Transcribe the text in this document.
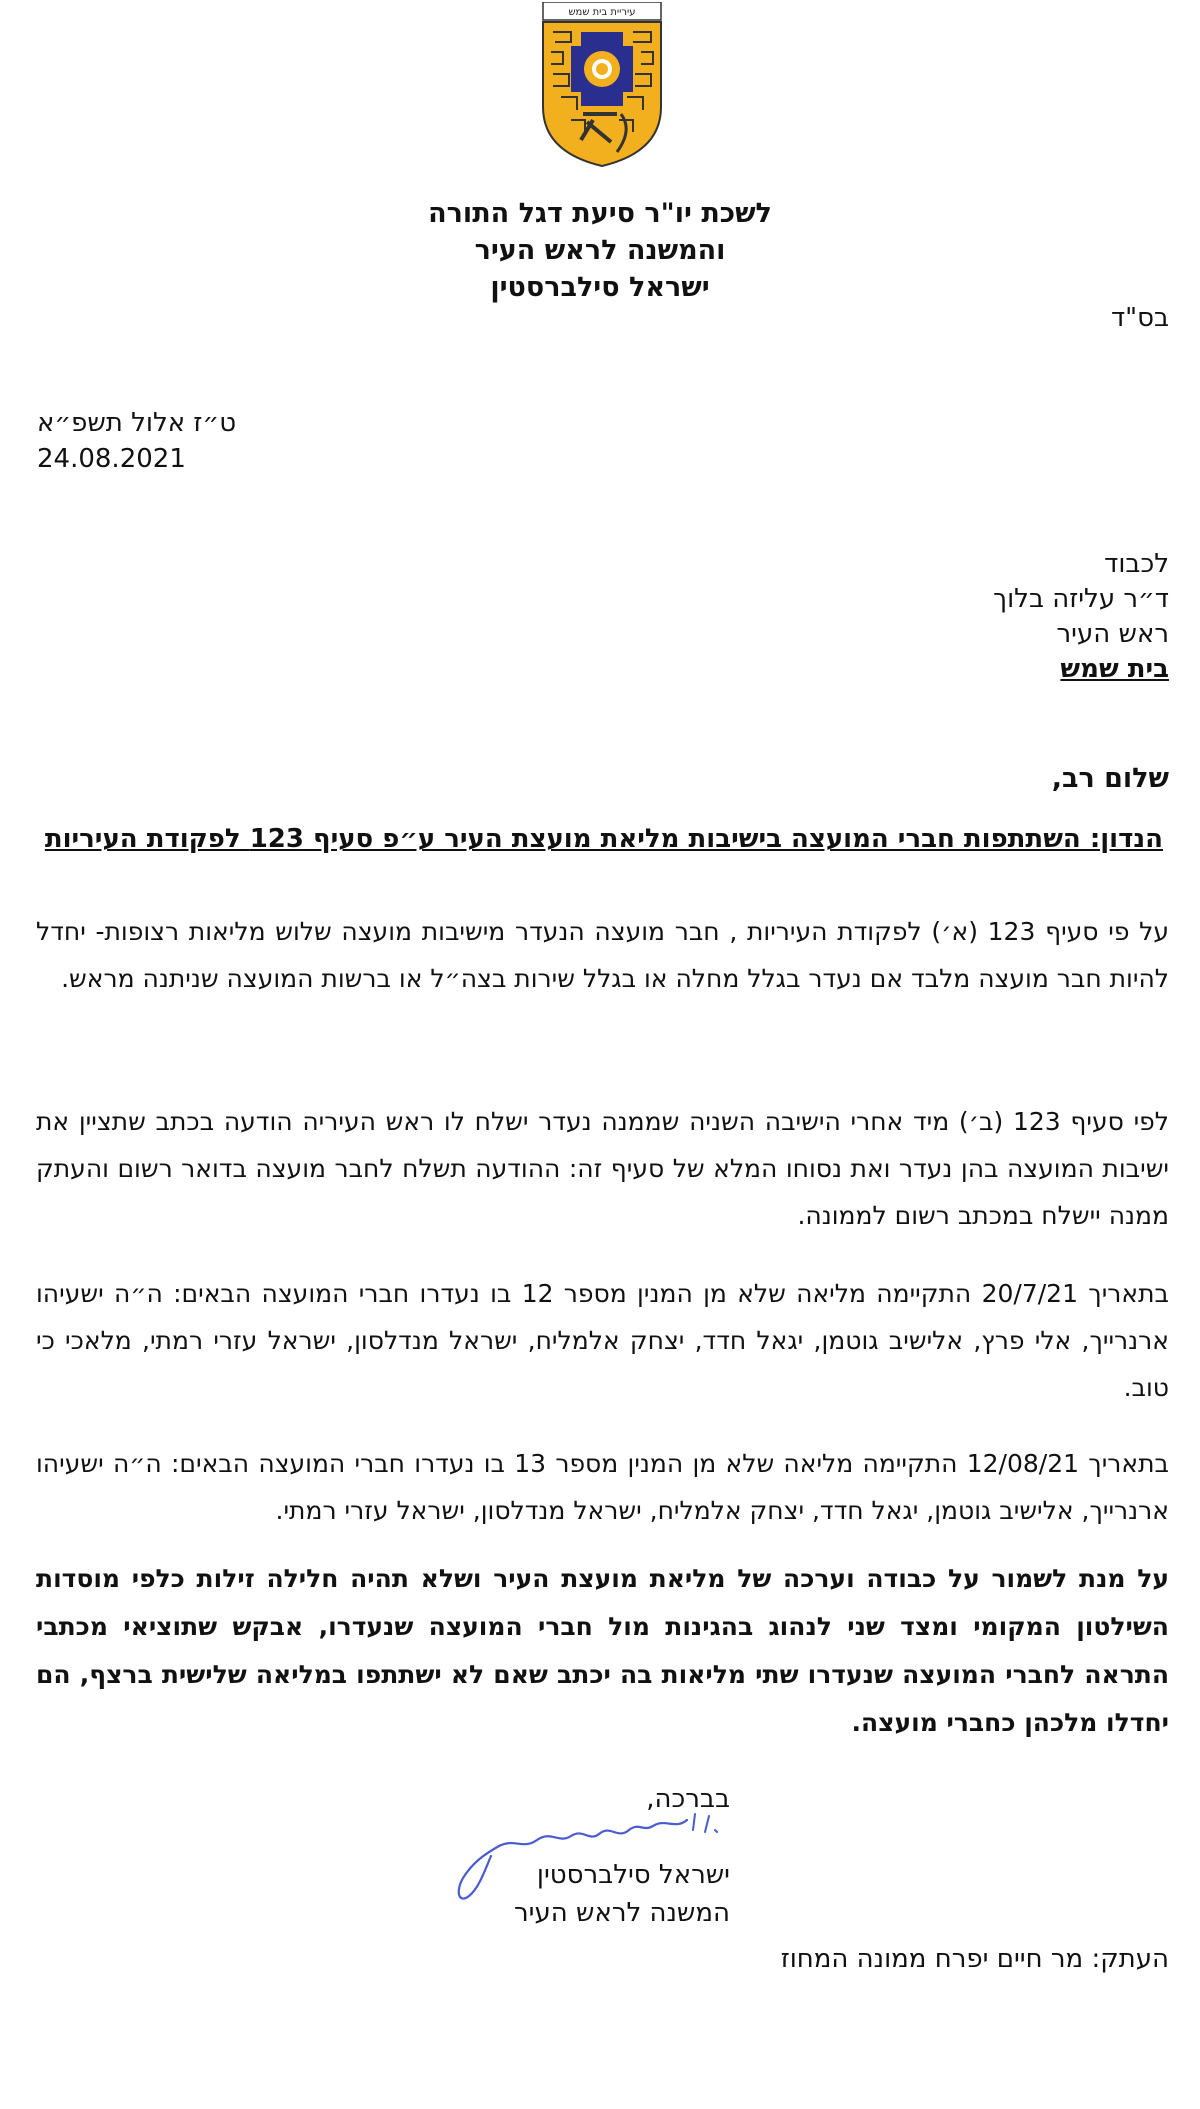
עיריית בית שמש
לשכת יו"ר סיעת דגל התורה
והמשנה לראש העיר
ישראל סילברסטין
בס"ד
ט״ז אלול תשפ״א
24.08.2021
לכבוד
ד״ר עליזה בלוך
ראש העיר
בית שמש
שלום רב,
הנדון: השתתפות חברי המועצה בישיבות מליאת מועצת העיר ע״פ סעיף 123 לפקודת העיריות
על פי סעיף 123 (א׳) לפקודת העיריות , חבר מועצה הנעדר מישיבות מועצה שלוש מליאות רצופות- יחדל להיות חבר מועצה מלבד אם נעדר בגלל מחלה או בגלל שירות בצה״ל או ברשות המועצה שניתנה מראש.
לפי סעיף 123 (ב׳) מיד אחרי הישיבה השניה שממנה נעדר ישלח לו ראש העיריה הודעה בכתב שתציין את ישיבות המועצה בהן נעדר ואת נסוחו המלא של סעיף זה: ההודעה תשלח לחבר מועצה בדואר רשום והעתק ממנה יישלח במכתב רשום לממונה.
בתאריך 20/7/21 התקיימה מליאה שלא מן המנין מספר 12 בו נעדרו חברי המועצה הבאים: ה״ה ישעיהו ארנרייך, אלי פרץ, אלישיב גוטמן, יגאל חדד, יצחק אלמליח, ישראל מנדלסון, ישראל עזרי רמתי, מלאכי כי טוב.
בתאריך 12/08/21 התקיימה מליאה שלא מן המנין מספר 13 בו נעדרו חברי המועצה הבאים: ה״ה ישעיהו ארנרייך, אלישיב גוטמן, יגאל חדד, יצחק אלמליח, ישראל מנדלסון, ישראל עזרי רמתי.
על מנת לשמור על כבודה וערכה של מליאת מועצת העיר ושלא תהיה חלילה זילות כלפי מוסדות השילטון המקומי ומצד שני לנהוג בהגינות מול חברי המועצה שנעדרו, אבקש שתוציאי מכתבי התראה לחברי המועצה שנעדרו שתי מליאות בה יכתב שאם לא ישתתפו במליאה שלישית ברצף, הם יחדלו מלכהן כחברי מועצה.
בברכה,
ישראל סילברסטין
המשנה לראש העיר
העתק: מר חיים יפרח ממונה המחוז
